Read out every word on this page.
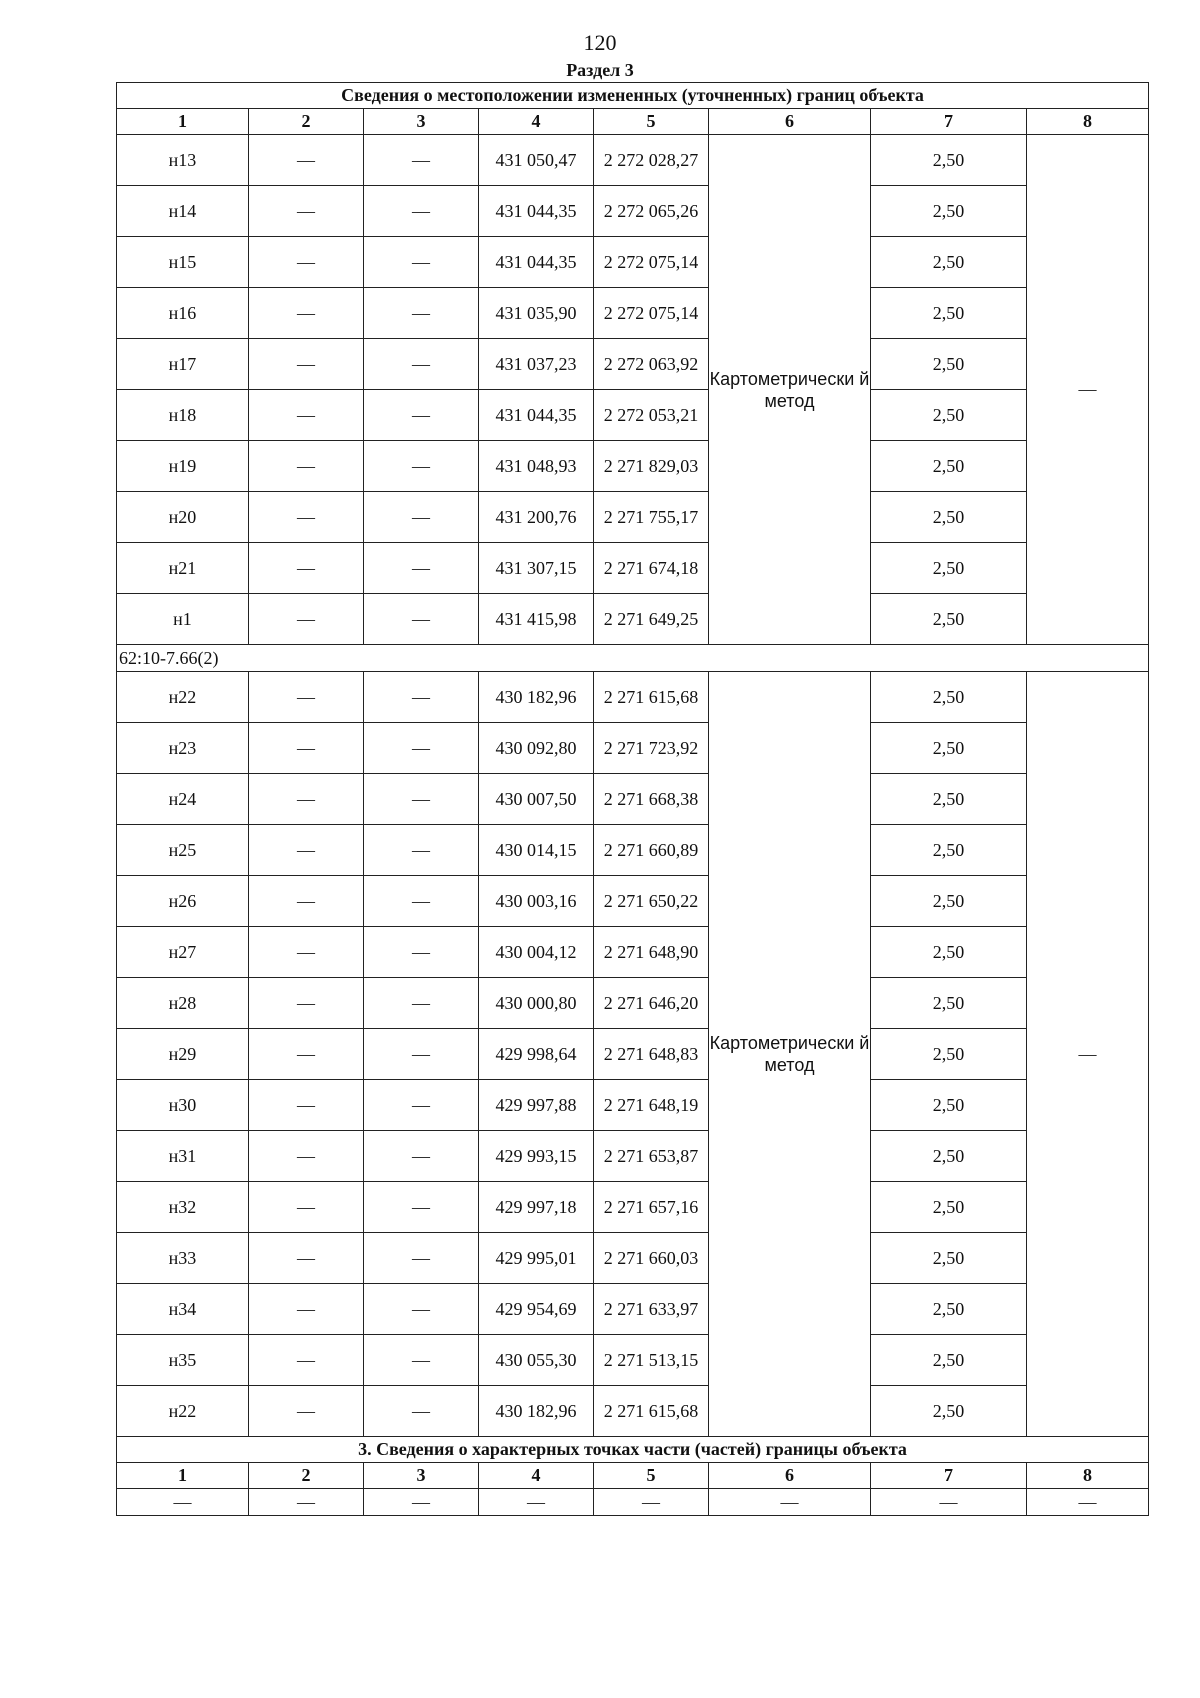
120
Раздел 3
Сведения о местоположении измененных (уточненных) границ объекта							
1	2	3	4	5	6	7	8
н13	—	—	431 050,47	2 272 028,27	Картометрически й метод	2,50	—
н14	—	—	431 044,35	2 272 065,26		2,50	
н15	—	—	431 044,35	2 272 075,14		2,50	
н16	—	—	431 035,90	2 272 075,14		2,50	
н17	—	—	431 037,23	2 272 063,92		2,50	
н18	—	—	431 044,35	2 272 053,21		2,50	
н19	—	—	431 048,93	2 271 829,03		2,50	
н20	—	—	431 200,76	2 271 755,17		2,50	
н21	—	—	431 307,15	2 271 674,18		2,50	
н1	—	—	431 415,98	2 271 649,25		2,50	
62:10-7.66(2)							
н22	—	—	430 182,96	2 271 615,68	Картометрически й метод	2,50	—
н23	—	—	430 092,80	2 271 723,92		2,50	
н24	—	—	430 007,50	2 271 668,38		2,50	
н25	—	—	430 014,15	2 271 660,89		2,50	
н26	—	—	430 003,16	2 271 650,22		2,50	
н27	—	—	430 004,12	2 271 648,90		2,50	
н28	—	—	430 000,80	2 271 646,20		2,50	
н29	—	—	429 998,64	2 271 648,83		2,50	
н30	—	—	429 997,88	2 271 648,19		2,50	
н31	—	—	429 993,15	2 271 653,87		2,50	
н32	—	—	429 997,18	2 271 657,16		2,50	
н33	—	—	429 995,01	2 271 660,03		2,50	
н34	—	—	429 954,69	2 271 633,97		2,50	
н35	—	—	430 055,30	2 271 513,15		2,50	
н22	—	—	430 182,96	2 271 615,68		2,50	
3. Сведения о характерных точках части (частей) границы объекта							
1	2	3	4	5	6	7	8
—	—	—	—	—	—	—	—
